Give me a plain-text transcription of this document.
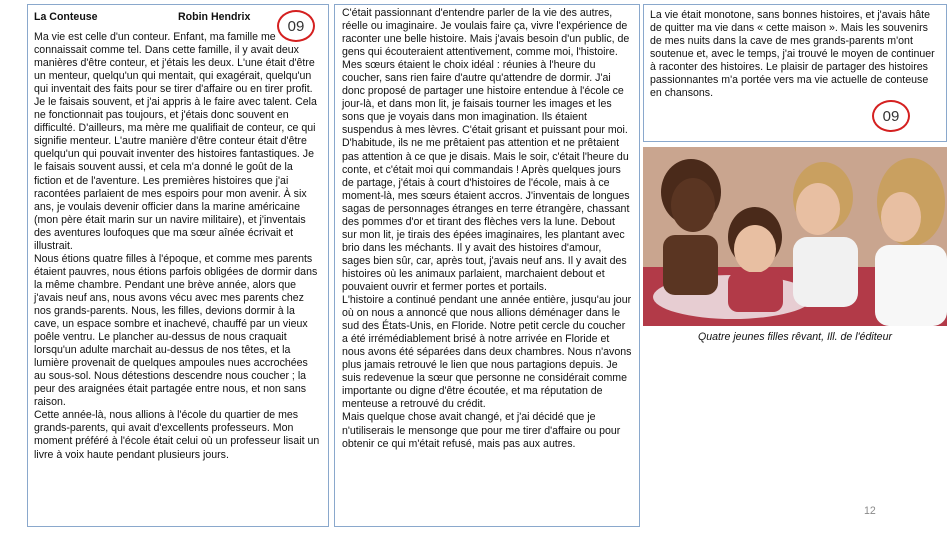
La Conteuse	Robin Hendrix

Ma vie est celle d'un conteur. Enfant, ma famille me connaissait comme tel. Dans cette famille, il y avait deux manières d'être conteur, et j'étais les deux. L'une était d'être un menteur, quelqu'un qui mentait, qui exagérait, quelqu'un qui inventait des faits pour se tirer d'affaire ou en tirer profit. Je le faisais souvent, et j'ai appris à le faire avec talent. Cela ne fonctionnait pas toujours, et j'étais donc souvent en difficulté. D'ailleurs, ma mère me qualifiait de conteur, ce qui signifie menteur. L'autre manière d'être conteur était d'être quelqu'un qui pouvait inventer des histoires fantastiques. Je le faisais souvent aussi, et cela m'a donné le goût de la fiction et de l'aventure. Les premières histoires que j'ai racontées parlaient de mes espoirs pour mon avenir. À six ans, je voulais devenir officier dans la marine américaine (mon père était marin sur un navire militaire), et j'inventais des aventures loufoques que ma sœur aînée écrivait et illustrait.
Nous étions quatre filles à l'époque, et comme mes parents étaient pauvres, nous étions parfois obligées de dormir dans la même chambre. Pendant une brève année, alors que j'avais neuf ans, nous avons vécu avec mes parents chez nos grands-parents. Nous, les filles, devions dormir à la cave, un espace sombre et inachevé, chauffé par un vieux poêle ventru. Le plancher au-dessus de nous craquait lorsqu'un adulte marchait au-dessus de nos têtes, et la lumière provenait de quelques ampoules nues accrochées au sous-sol. Nous détestions descendre nous coucher ; la peur des araignées était partagée entre nous, et non sans raison.
Cette année-là, nous allions à l'école du quartier de mes grands-parents, qui avait d'excellents professeurs. Mon moment préféré à l'école était celui où un professeur lisait un livre à voix haute pendant plusieurs jours.

09

C'était passionnant d'entendre parler de la vie des autres, réelle ou imaginaire. Je voulais faire ça, vivre l'expérience de raconter une belle histoire. Mais j'avais besoin d'un public, de gens qui écouteraient attentivement, comme moi, l'histoire. Mes sœurs étaient le choix idéal : réunies à l'heure du coucher, sans rien faire d'autre qu'attendre de dormir. J'ai donc proposé de partager une histoire entendue à l'école ce jour-là, et dans mon lit, je faisais tourner les images et les sons que je voyais dans mon imagination. Ils étaient suspendus à mes lèvres. C'était grisant et puissant pour moi.
D'habitude, ils ne me prêtaient pas attention et ne prêtaient pas attention à ce que je disais. Mais le soir, c'était l'heure du conte, et c'était moi qui commandais ! Après quelques jours de partage, j'étais à court d'histoires de l'école, mais à ce moment-là, mes sœurs étaient accros. J'inventais de longues sagas de personnages étranges en terre étrangère, chassant des pommes d'or et tirant des flèches vers la lune. Debout sur mon lit, je tirais des épées imaginaires, les plantant avec brio dans les méchants. Il y avait des histoires d'amour, sages bien sûr, car, après tout, j'avais neuf ans. Il y avait des histoires où les animaux parlaient, marchaient debout et pouvaient ouvrir et fermer portes et portails.
L'histoire a continué pendant une année entière, jusqu'au jour où on nous a annoncé que nous allions déménager dans le sud des États-Unis, en Floride. Notre petit cercle du coucher a été irrémédiablement brisé à notre arrivée en Floride et nous avons été séparées dans deux chambres. Nous n'avons plus jamais retrouvé le lien que nous partagions depuis. Je suis redevenue la sœur que personne ne considérait comme importante ou digne d'être écoutée, et ma réputation de menteuse a retrouvé du crédit.
Mais quelque chose avait changé, et j'ai décidé que je n'utiliserais le mensonge que pour me tirer d'affaire ou pour obtenir ce qui m'était refusé, mais pas aux autres.

La vie était monotone, sans bonnes histoires, et j'avais hâte de quitter ma vie dans « cette maison ». Mais les souvenirs de mes nuits dans la cave de mes grands-parents m'ont soutenue et, avec le temps, j'ai trouvé le moyen de continuer à raconter des histoires. Le plaisir de partager des histoires passionnantes m'a portée vers ma vie actuelle de conteuse en chansons.

09
Quatre jeunes filles rêvant, Ill. de l'éditeur
12
